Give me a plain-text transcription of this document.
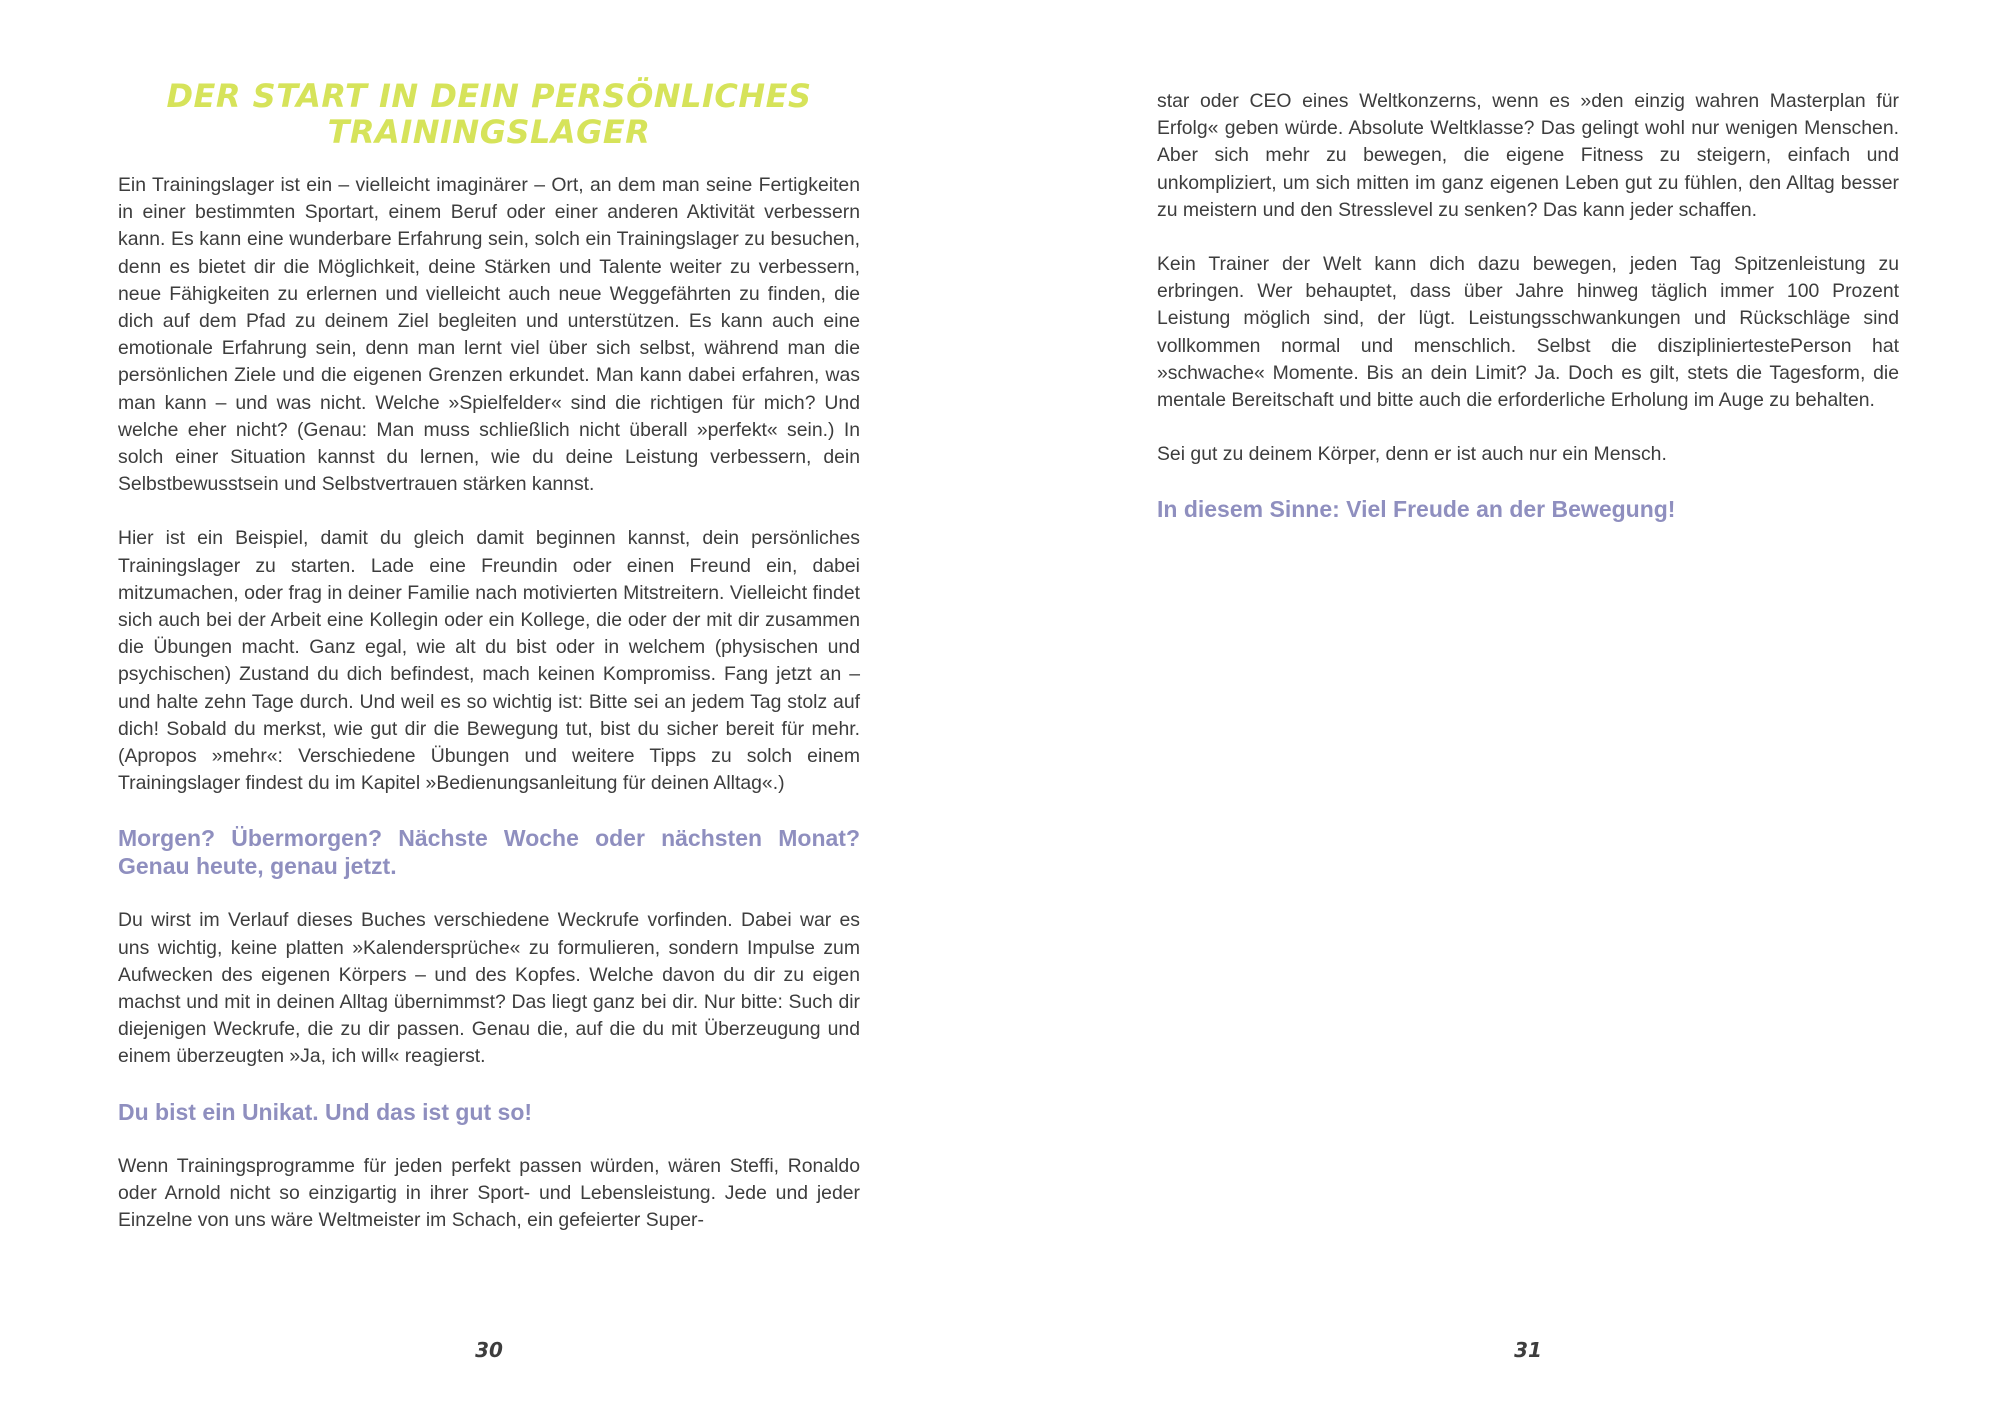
DER START IN DEIN PERSÖNLICHES
TRAININGSLAGER

Ein Trainingslager ist ein – vielleicht imaginärer – Ort, an dem man seine Fertigkeiten in einer bestimmten Sportart, einem Beruf oder einer anderen Aktivität verbessern kann. Es kann eine wunderbare Erfahrung sein, solch ein Trainingslager zu besuchen, denn es bietet dir die Möglichkeit, deine Stärken und Talente weiter zu verbessern, neue Fähigkeiten zu erlernen und vielleicht auch neue Weggefährten zu finden, die dich auf dem Pfad zu deinem Ziel begleiten und unterstützen. Es kann auch eine emotionale Erfahrung sein, denn man lernt viel über sich selbst, während man die persönlichen Ziele und die eigenen Grenzen erkundet. Man kann dabei erfahren, was man kann – und was nicht. Welche »Spielfelder« sind die richtigen für mich? Und welche eher nicht? (Genau: Man muss schließlich nicht überall »perfekt« sein.) In solch einer Situation kannst du lernen, wie du deine Leistung verbessern, dein Selbstbewusstsein und Selbstvertrauen stärken kannst.

Hier ist ein Beispiel, damit du gleich damit beginnen kannst, dein persönliches Trainingslager zu starten. Lade eine Freundin oder einen Freund ein, dabei mitzumachen, oder frag in deiner Familie nach motivierten Mitstreitern. Vielleicht findet sich auch bei der Arbeit eine Kollegin oder ein Kollege, die oder der mit dir zusammen die Übungen macht. Ganz egal, wie alt du bist oder in welchem (physischen und psychischen) Zustand du dich befindest, mach keinen Kompromiss. Fang jetzt an – und halte zehn Tage durch. Und weil es so wichtig ist: Bitte sei an jedem Tag stolz auf dich! Sobald du merkst, wie gut dir die Bewegung tut, bist du sicher bereit für mehr. (Apropos »mehr«: Verschiedene Übungen und weitere Tipps zu solch einem Trainingslager findest du im Kapitel »Bedienungsanleitung für deinen Alltag«.)

Morgen? Übermorgen? Nächste Woche oder nächsten Monat? Genau heute, genau jetzt.

Du wirst im Verlauf dieses Buches verschiedene Weckrufe vorfinden. Dabei war es uns wichtig, keine platten »Kalendersprüche« zu formulieren, sondern Impulse zum Aufwecken des eigenen Körpers – und des Kopfes. Welche davon du dir zu eigen machst und mit in deinen Alltag übernimmst? Das liegt ganz bei dir. Nur bitte: Such dir diejenigen Weckrufe, die zu dir passen. Genau die, auf die du mit Überzeugung und einem überzeugten »Ja, ich will« reagierst.

Du bist ein Unikat. Und das ist gut so!

Wenn Trainingsprogramme für jeden perfekt passen würden, wären Steffi, Ronaldo oder Arnold nicht so einzigartig in ihrer Sport- und Lebensleistung. Jede und jeder Einzelne von uns wäre Weltmeister im Schach, ein gefeierter Super-

30

star oder CEO eines Weltkonzerns, wenn es »den einzig wahren Masterplan für Erfolg« geben würde. Absolute Weltklasse? Das gelingt wohl nur wenigen Menschen. Aber sich mehr zu bewegen, die eigene Fitness zu steigern, einfach und unkompliziert, um sich mitten im ganz eigenen Leben gut zu fühlen, den Alltag besser zu meistern und den Stresslevel zu senken? Das kann jeder schaffen.

Kein Trainer der Welt kann dich dazu bewegen, jeden Tag Spitzenleistung zu erbringen. Wer behauptet, dass über Jahre hinweg täglich immer 100 Prozent Leistung möglich sind, der lügt. Leistungsschwankungen und Rückschläge sind vollkommen normal und menschlich. Selbst die diszipliniertestePerson hat »schwache« Momente. Bis an dein Limit? Ja. Doch es gilt, stets die Tagesform, die mentale Bereitschaft und bitte auch die erforderliche Erholung im Auge zu behalten.

Sei gut zu deinem Körper, denn er ist auch nur ein Mensch.

In diesem Sinne: Viel Freude an der Bewegung!
31
